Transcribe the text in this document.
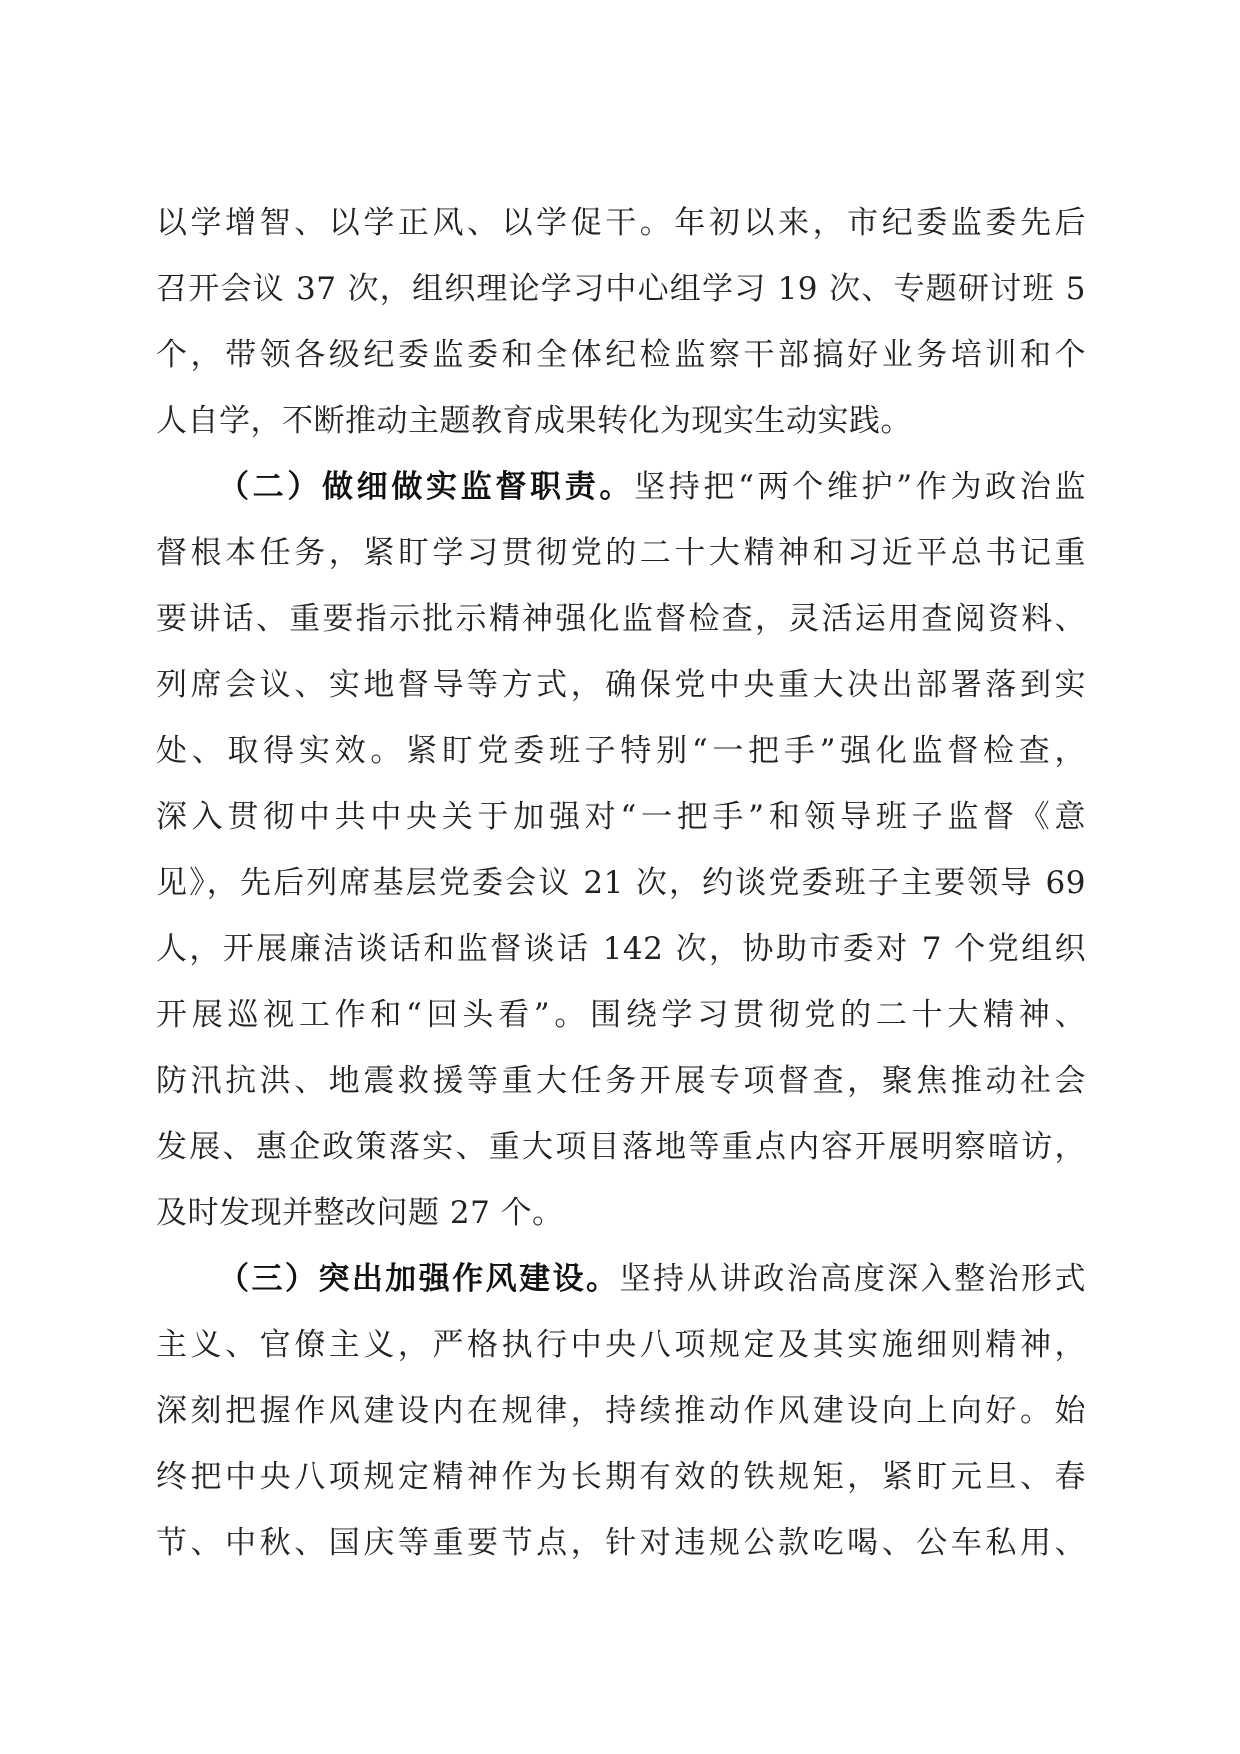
以学增智、以学正风、以学促干。年初以来，市纪委监委先后
召开会议 37 次，组织理论学习中心组学习 19 次、专题研讨班 5
个，带领各级纪委监委和全体纪检监察干部搞好业务培训和个
人自学，不断推动主题教育成果转化为现实生动实践。
（二）做细做实监督职责。坚持把“两个维护”作为政治监
督根本任务，紧盯学习贯彻党的二十大精神和习近平总书记重
要讲话、重要指示批示精神强化监督检查，灵活运用查阅资料、
列席会议、实地督导等方式，确保党中央重大决出部署落到实
处、取得实效。紧盯党委班子特别“一把手”强化监督检查，
深入贯彻中共中央关于加强对“一把手”和领导班子监督《意
见》，先后列席基层党委会议 21 次，约谈党委班子主要领导 69
人，开展廉洁谈话和监督谈话 142 次，协助市委对 7 个党组织
开展巡视工作和“回头看”。围绕学习贯彻党的二十大精神、
防汛抗洪、地震救援等重大任务开展专项督查，聚焦推动社会
发展、惠企政策落实、重大项目落地等重点内容开展明察暗访，
及时发现并整改问题 27 个。
（三）突出加强作风建设。坚持从讲政治高度深入整治形式
主义、官僚主义，严格执行中央八项规定及其实施细则精神，
深刻把握作风建设内在规律，持续推动作风建设向上向好。始
终把中央八项规定精神作为长期有效的铁规矩，紧盯元旦、春
节、中秋、国庆等重要节点，针对违规公款吃喝、公车私用、
